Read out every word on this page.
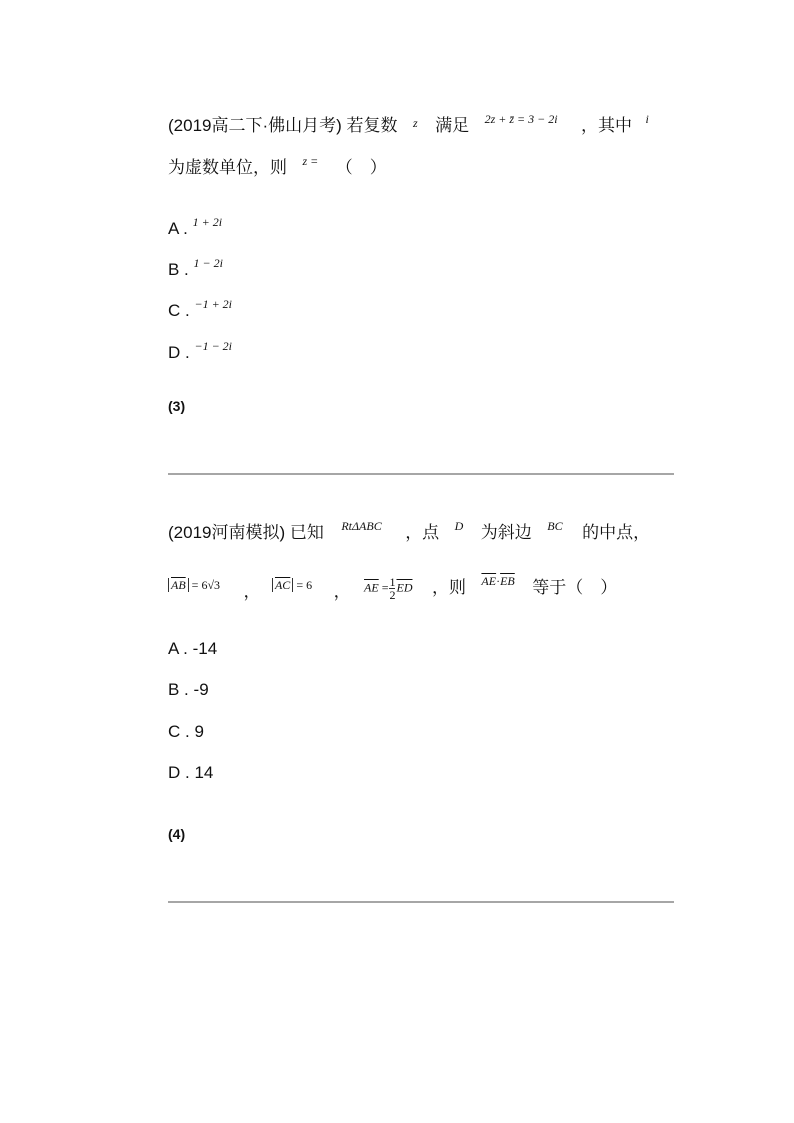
(2019高二下·佛山月考) 若复数 z 满足 2z + z̄ = 3 − 2i ，其中 i
为虚数单位，则 z = （　）
A . 1 + 2i
B . 1 − 2i
C . −1 + 2i
D . −1 − 2i
(3)
(2019河南模拟) 已知 RtΔABC ，点 D 为斜边 BC 的中点，
$\overline{AB} = 6√3$ ， $\overline{AC} = 6$ ， $\overline{AE} = \frac{1}{2} \overline{ED}$ ，则 $\overline{AE}\cdot\overline{EB}$ 等于（　）
A . -14
B . -9
C . 9
D . 14
(4)
